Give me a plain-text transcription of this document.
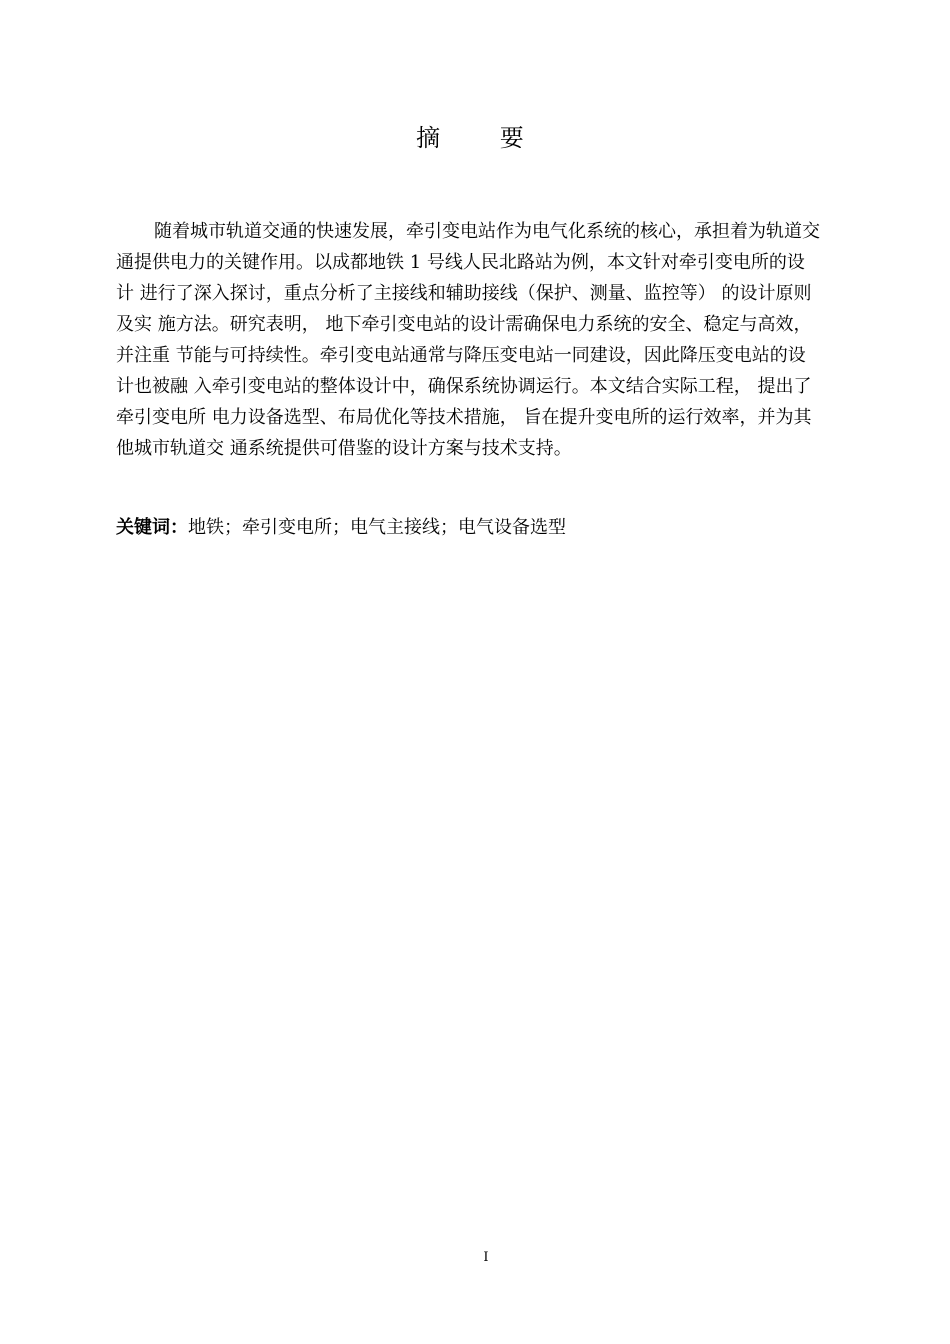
摘 要
随着城市轨道交通的快速发展，牵引变电站作为电气化系统的核心，承担着为轨道交
通提供电力的关键作用。以成都地铁 1 号线人民北路站为例，本文针对牵引变电所的设
计 进行了深入探讨，重点分析了主接线和辅助接线（保护、测量、监控等） 的设计原则
及实 施方法。研究表明， 地下牵引变电站的设计需确保电力系统的安全、稳定与高效，
并注重 节能与可持续性。牵引变电站通常与降压变电站一同建设，因此降压变电站的设
计也被融 入牵引变电站的整体设计中，确保系统协调运行。本文结合实际工程， 提出了
牵引变电所 电力设备选型、布局优化等技术措施， 旨在提升变电所的运行效率，并为其
他城市轨道交 通系统提供可借鉴的设计方案与技术支持。
关键词：地铁；牵引变电所；电气主接线；电气设备选型
I
